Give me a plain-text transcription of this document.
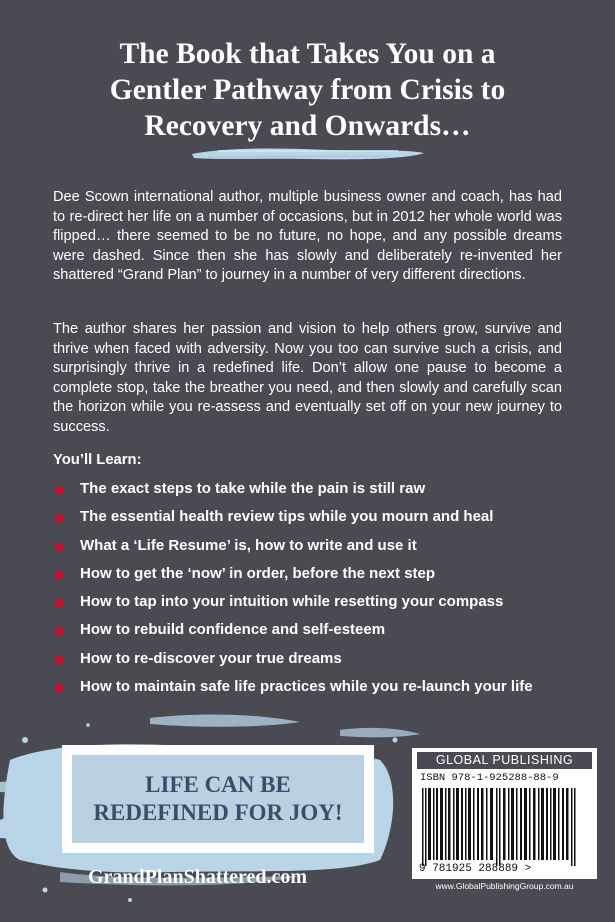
The Book that Takes You on a
Gentler Pathway from Crisis to
Recovery and Onwards…
Dee Scown international author, multiple business owner and coach, has had to re-direct her life on a number of occasions, but in 2012 her whole world was flipped… there seemed to be no future, no hope, and any possible dreams were dashed. Since then she has slowly and deliberately re-invented her shattered “Grand Plan” to journey in a number of very different directions.
The author shares her passion and vision to help others grow, survive and thrive when faced with adversity. Now you too can survive such a crisis, and surprisingly thrive in a redefined life. Don’t allow one pause to become a complete stop, take the breather you need, and then slowly and carefully scan the horizon while you re-assess and eventually set off on your new journey to success.
You’ll Learn:
The exact steps to take while the pain is still raw
The essential health review tips while you mourn and heal
What a ‘Life Resume’ is, how to write and use it
How to get the ‘now’ in order, before the next step
How to tap into your intuition while resetting your compass
How to rebuild confidence and self-esteem
How to re-discover your true dreams
How to maintain safe life practices while you re-launch your life
LIFE CAN BE
REDEFINED FOR JOY!
GrandPlanShattered.com
GLOBAL PUBLISHING
ISBN 978-1-925288-88-9
9 781925 288889 >
www.GlobalPublishingGroup.com.au
